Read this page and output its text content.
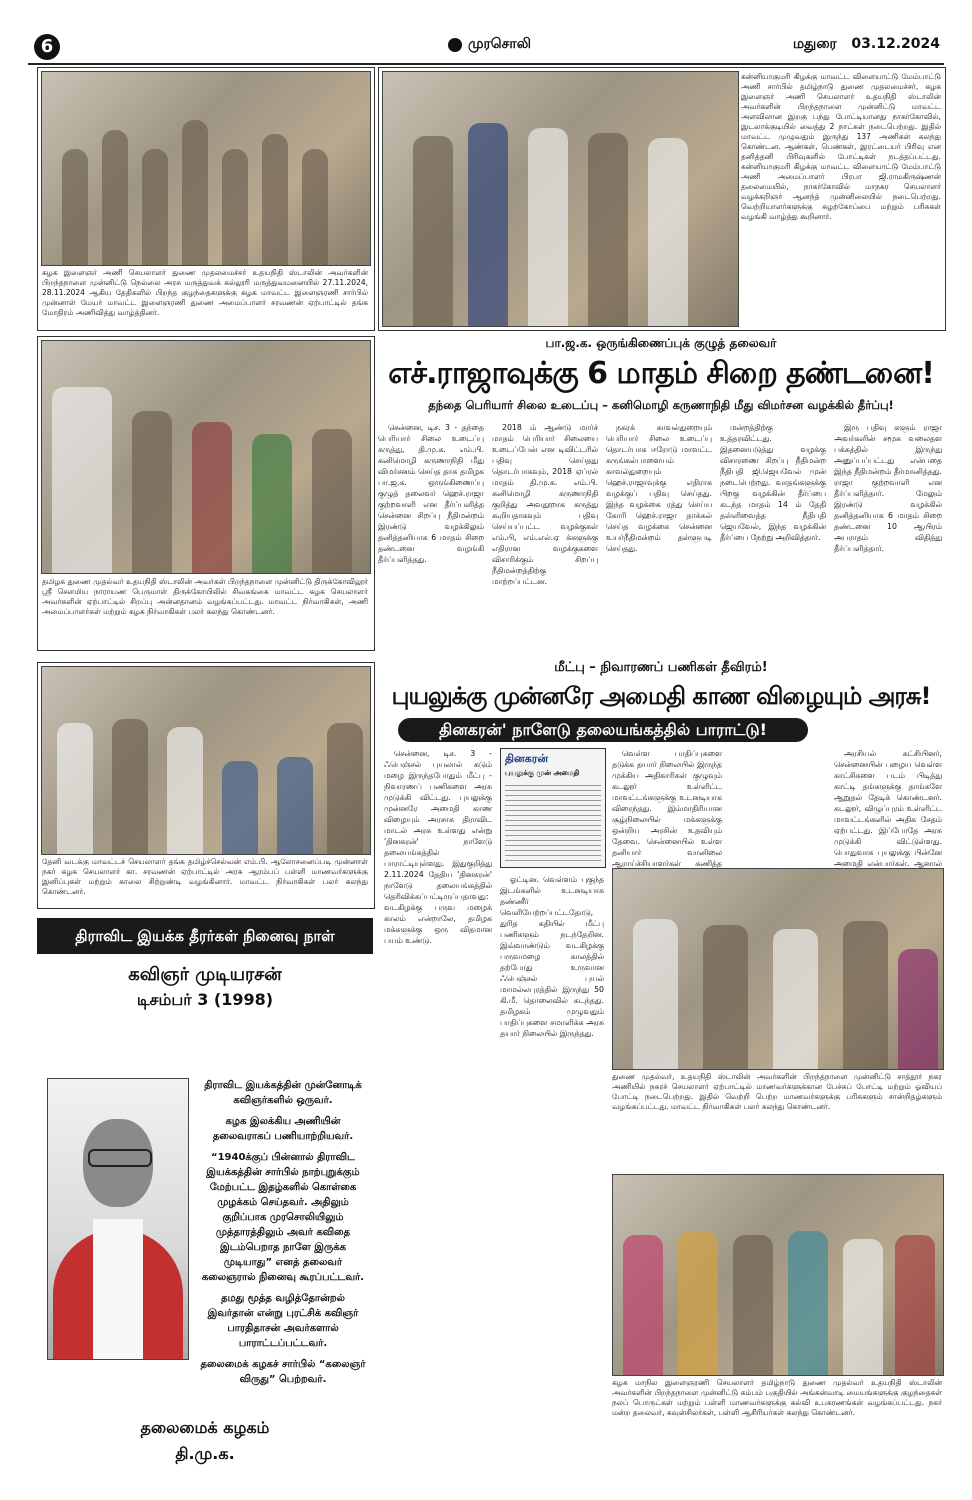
6	முரசொலி	மதுரை 03.12.2024
கழக இளைஞர் அணி செயலாளர் துணை முதலமைச்சர் உதயநிதி ஸ்டாலின் அவர்களின் பிறந்தநாளை முன்னிட்டு நெல்லை அரசு மருத்துவக் கல்லூரி மருத்துவமனையில் 27.11.2024, 28.11.2024 ஆகிய தேதிகளில் பிறந்த குழந்தைகளுக்கு கழக மாவட்ட இளைஞரணி சார்பில் முன்னாள் மேயர் மாவட்ட இளைஞரணி துணை அமைப்பாளர் சரவணன் ஏற்பாட்டில் தங்க மோதிரம் அணிவித்து வாழ்த்தினர்.
கன்னியாகுமரி கிழக்கு மாவட்ட விளையாட்டு மேம்பாட்டு அணி சார்பில் தமிழ்நாடு துணை முதலமைச்சர், கழக இளைஞர் அணி செயலாளர் உதயநிதி ஸ்டாலின் அவர்களின் பிறந்தநாளை முன்னிட்டு மாவட்ட அளவிலான இறகு பந்து போட்டியானது நாகர்கோவில், இடலாக்குடியில் வைத்து 2 நாட்கள் நடைபெற்றது. இதில் மாவட்ட முழுவதும் இருந்து 137 அணிகள் கலந்து கொண்டன. ஆண்கள், பெண்கள், இரட்டையர் பிரிவு என தனித்தனி பிரிவுகளில் போட்டிகள் நடத்தப்பட்டது. கன்னியாகுமரி கிழக்கு மாவட்ட விளையாட்டு மேம்பாட்டு அணி அமைப்பாளர் பிரபா ஜி.ராமகிருஷ்ணன் தலைமையில், நாகர்கோவில் மாநகர செயலாளர் வழக்கறிஞர் ஆனந்த் முன்னிலையில் நடைபெற்றது. வெற்றியாளர்களுக்கு சுழற்கோப்பை மற்றும் பரிசுகள் வழங்கி வாழ்த்து கூறினார்.
தமிழக துணை முதல்வர் உதயநிதி ஸ்டாலின் அவர்கள் பிறந்தநாளை முன்னிட்டு திருக்கோவிலூர் ஸ்ரீ சௌமிய நாராயண பெருமாள் திருக்கோயிலில் சிவகங்கை மாவட்ட கழக செயலாளர் அவர்களின் ஏற்பாட்டில் சிறப்பு அன்னதானம் வழங்கப்பட்டது. மாவட்ட நிர்வாகிகள், அணி அமைப்பாளர்கள் மற்றும் கழக நிர்வாகிகள் பலர் கலந்து கொண்டனர்.
பா.ஜ.க. ஒருங்கிணைப்புக் குழுத் தலைவர்
எச்.ராஜாவுக்கு 6 மாதம் சிறை தண்டனை!
தந்தை பெரியார் சிலை உடைப்பு – கனிமொழி கருணாநிதி மீது விமர்சன வழக்கில் தீர்ப்பு!

சென்னை, டிச. 3 - தந்தை பெரியார் சிலை உடைப்பு கருத்து, தி.மு.க. எம்.பி. கனிமொழி கருணாநிதி மீது விமர்சனம் செய்த தாக தமிழக பா.ஜ.க. ஒருங்கிணைப்பு குழுத் தலைவர் ஹெச்.ராஜா குற்றவாளி என தீர்ப்பளித்த சென்னை சிறப்பு நீதிமன்றம் இரண்டு வழக்கிலும் தனித்தனியாக 6 மாதம் சிறை தண்டனை வழங்கி தீர்ப்பளித்தது.

2018 ம் ஆண்டு மார்ச் மாதம் பெரியார் சிலையை உடைப்பேன் என டிவிட்டரில் பதிவு செய்தது தொடர்பாகவும், 2018 ஏப்ரல் மாதம் தி.மு.க. எம்.பி. கனிமொழி கருணாநிதி குறித்து அவதூறாக கருத்து கூறியதாகவும் பதிவு செய்யப்பட்ட வழக்குகள் எம்.பி, எம்.எல்.ஏ க்களுக்கு எதிரான வழக்குகளை விசாரிக்கும் சிறப்பு நீதிமன்றத்திற்கு மாற்றப்பட்டன.

நகரக் காவல்துறையும் பெரியார் சிலை உடைப்பு தொடர்பாக ஈரோடு மாவட்ட கருங்கல்பாளையம் காவல்துறையும் ஹெச்.ராஜாவுக்கு எதிராக வழக்குப் பதிவு செய்தது. இந்த வழக்கை ரத்து செய்ய கோரி ஹெச்.ராஜா தாக்கல் செய்த வழக்கை சென்னை உயர்நீதிமன்றம் தள்ளுபடி செய்தது.

மன்றத்திற்கு உத்தரவிட்டது. இதனையடுத்து வழக்கு விசாரணை சிறப்பு நீதிமன்ற நீதிபதி ஜி.ஜெயவேல் முன் நடைபெற்றது. வாதங்களுக்கு பிறகு வழக்கின் தீர்ப்பை கடந்த மாதம் 14 ம் தேதி தள்ளிவைத்த நீதிபதி ஜெயவேல், இந்த வழக்கின் தீர்ப்பை நேற்று அறிவித்தார்.

இரு பதிவு களும் ராஜா அவர்களின் சமூக வலைதள பக்கத்தில் இருந்து அனுப்பப்பட்டது என்பதை இந்த நீதிமன்றம் தீர்மானித்தது. ராஜா குற்றவாளி என தீர்ப்பளித்தார். மேலும் இரண்டு வழக்கில் தனித்தனியாக 6 மாதம் சிறை தண்டனை 10 ஆயிரம் அபராதம் விதித்து தீர்ப்பளித்தார்.

தேனி வடக்கு மாவட்டச் செயலாளர் தங்க தமிழ்ச்செல்வன் எம்.பி. ஆலோசனைப்படி முன்னாள் நகர் கழக செயலாளர் கா. சரவணன் ஏற்பாட்டில் அரசு ஆரம்பப் பள்ளி மாணவர்களுக்கு இனிப்புகள் மற்றும் காலை சிற்றுண்டி வழங்கினார். மாவட்ட நிர்வாகிகள் பலர் கலந்து கொண்டனர்.
மீட்பு – நிவாரணப் பணிகள் தீவிரம்!
புயலுக்கு முன்னரே அமைதி காண விழையும் அரசு!
தினகரன்' நாளேடு தலையங்கத்தில் பாராட்டு!

சென்னை, டிச. 3 - ஃபெஞ்சல் புயலால் கடும் மழை இருந்தபோதும் மீட்பு - நிவாரணப் பணிகளை அரசு முடுக்கி விட்டது. புயலுக்கு முன்னரே அமைதி காண விழையும் அரசாக திராவிட மாடல் அரசு உள்ளது என்று 'தினகரன்' நாளேடு தலையங்கத்தில் பாராட்டியுள்ளது. இதுகுறித்து 2.11.2024 தேதிய 'தினகரன்' நாளேடு தலையங்கத்தில் தெரிவிக்கப்பட்டிருப்பதாவது: வடகிழக்கு பருவ மழைக் காலம் என்றாலே, தமிழக மக்களுக்கு ஒரு விதமான பயம் உண்டு.

தினகரன்
புயலுக்கு முன் அமைதி

ஓட்டின. வெள்ளம் புகுந்த இடங்களில் உடனடியாக தண்ணீர் வெளியேற்றப்பட்டதோடு, துரித கதியில் மீட்பு பணிகளும் நடந்தேறின. இவ்வாண்டும் வடகிழக்கு பருவமழை காலத்தில் தற்போது உருவான ஃபெஞ்சல் புயல் மாமல்லபுரத்தில் இருந்து 50 கி.மீ. தொலைவில் கடந்தது. தமிழகம் முழுவதும் பாதிப்புகளை சமாளிக்க அரசு தயார் நிலையில் இருந்தது.

வெள்ள பாதிப்புகளை தடுக்க தயார் நிலையில் இருந்த முக்கிய அதிகாரிகள் குழுவும் கடலூர் உள்ளிட்ட மாவட்டங்களுக்கு உடனடியாக விரைந்தது. இம்மாதிரியான சூழ்நிலையில் மக்களுக்கு ஒன்றிய அரசின் உதவியும் தேவை. சென்னையில் உள்ள தனியார் வானிலை ஆராய்ச்சியாளர்கள் கணித்த

அரசியல் கட்சியினர், சென்னையின் பழைய வெள்ள காட்சிகளை படம் பிடித்து காட்டி தங்களுக்கு தாங்களே ஆறுதல் தேடிக் கொண்டனர். கடலூர், விழுப்புரம் உள்ளிட்ட மாவட்டங்களில் அதிக சேதம் ஏற்பட்டது. இப்போதே அரசு முடுக்கி விட்டுள்ளது. பொதுவாக புயலுக்கு பின்னே அமைதி என்பார்கள். ஆனால்

துணை முதல்வர், உதயநிதி ஸ்டாலின் அவர்களின் பிறந்தநாளை முன்னிட்டு சாத்தூர் நகர அணியில் நகரச் செயலாளர் ஏற்பாட்டில் மாணவர்களுக்கான பேச்சுப் போட்டி மற்றும் ஓவியப் போட்டி நடைபெற்றது. இதில் வெற்றி பெற்ற மாணவர்களுக்கு பரிசுகளும் சான்றிதழ்களும் வழங்கப்பட்டது. மாவட்ட நிர்வாகிகள் பலர் கலந்து கொண்டனர்.
கழக மாநில இளைஞரணி செயலாளர் தமிழ்நாடு துணை முதல்வர் உதயநிதி ஸ்டாலின் அவர்களின் பிறந்தநாளை முன்னிட்டு கம்பம் பகுதியில் அங்கன்வாடி மையங்களுக்கு குழந்தைகள் நலப் பொருட்கள் மற்றும் பள்ளி மாணவர்களுக்கு கல்வி உபகரணங்கள் வழங்கப்பட்டது. நகர் மன்ற தலைவர், கவுன்சிலர்கள், பள்ளி ஆசிரியர்கள் கலந்து கொண்டனர்.
திராவிட இயக்க தீரர்கள் நினைவு நாள்
கவிஞர் முடியரசன்
டிசம்பர் 3 (1998)

திராவிட இயக்கத்தின் முன்னோடிக் கவிஞர்களில் ஒருவர்.

கழக இலக்கிய அணியின் தலைவராகப் பணியாற்றியவர்.

“1940க்குப் பின்னால் திராவிட இயக்கத்தின் சார்பில் நாற்புறுக்கும் மேற்பட்ட இதழ்களில் கொள்கை முழக்கம் செய்தவர். அதிலும் குறிப்பாக முரசொலியிலும் முத்தாரத்திலும் அவர் கவிதை இடம்பெறாத நாளே இருக்க முடியாது” எனத் தலைவர் கலைஞரால் நினைவு கூரப்பட்டவர்.

தமது மூத்த வழித்தோன்றல் இவர்தான் என்று புரட்சிக் கவிஞர் பாரதிதாசன் அவர்களால் பாராட்டப்பட்டவர்.

தலைமைக் கழகச் சார்பில் “கலைஞர் விருது” பெற்றவர்.

தலைமைக் கழகம்
தி.மு.க.
